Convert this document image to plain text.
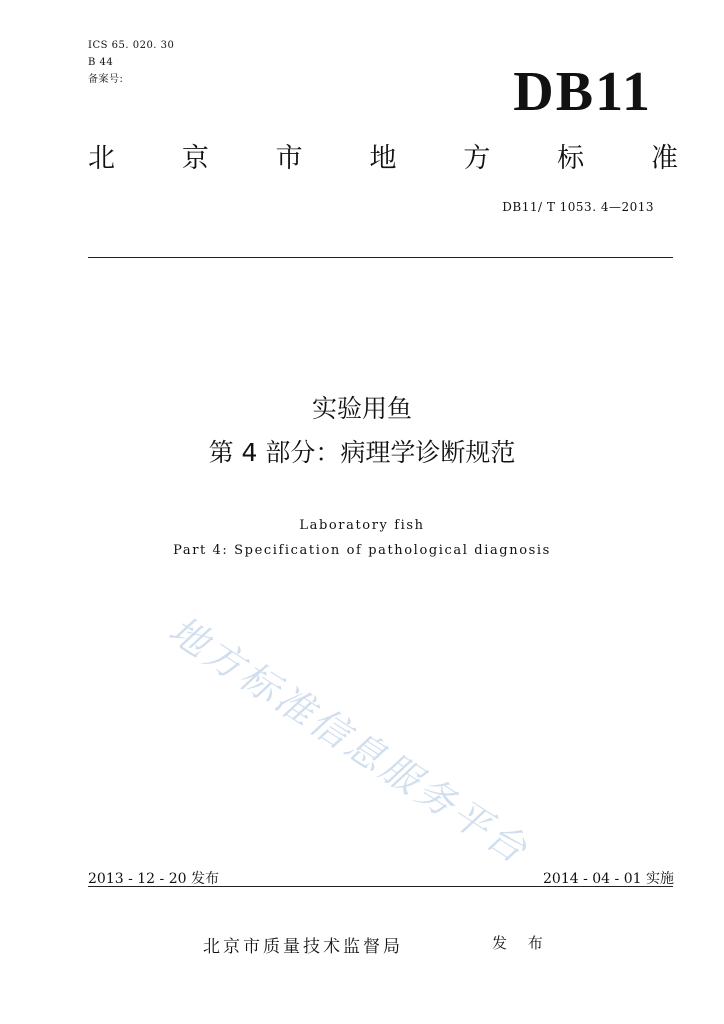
ICS 65. 020. 30
B 44
备案号:	DB11
北 京 市 地 方 标 准
DB11/ T 1053. 4—2013
实验用鱼
第 4 部分：病理学诊断规范
Laboratory fish
Part 4: Specification of pathological diagnosis
地方标准信息服务平台
2013 - 12 - 20 发布	2014 - 04 - 01 实施
北京市质量技术监督局	发 布
